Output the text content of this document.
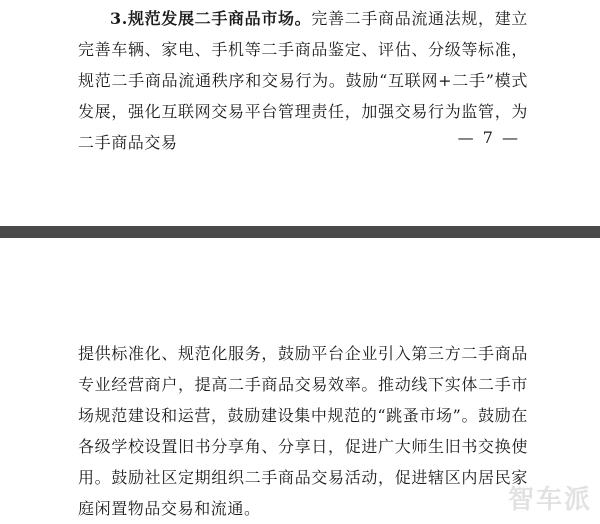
3.规范发展二手商品市场。完善二手商品流通法规，建立完善车辆、家电、手机等二手商品鉴定、评估、分级等标准，规范二手商品流通秩序和交易行为。鼓励“互联网+二手”模式发展，强化互联网交易平台管理责任，加强交易行为监管，为二手商品交易	— 7 —

提供标准化、规范化服务，鼓励平台企业引入第三方二手商品专业经营商户，提高二手商品交易效率。推动线下实体二手市场规范建设和运营，鼓励建设集中规范的“跳蚤市场”。鼓励在各级学校设置旧书分享角、分享日，促进广大师生旧书交换使用。鼓励社区定期组织二手商品交易活动，促进辖区内居民家庭闲置物品交易和流通。	智车派
